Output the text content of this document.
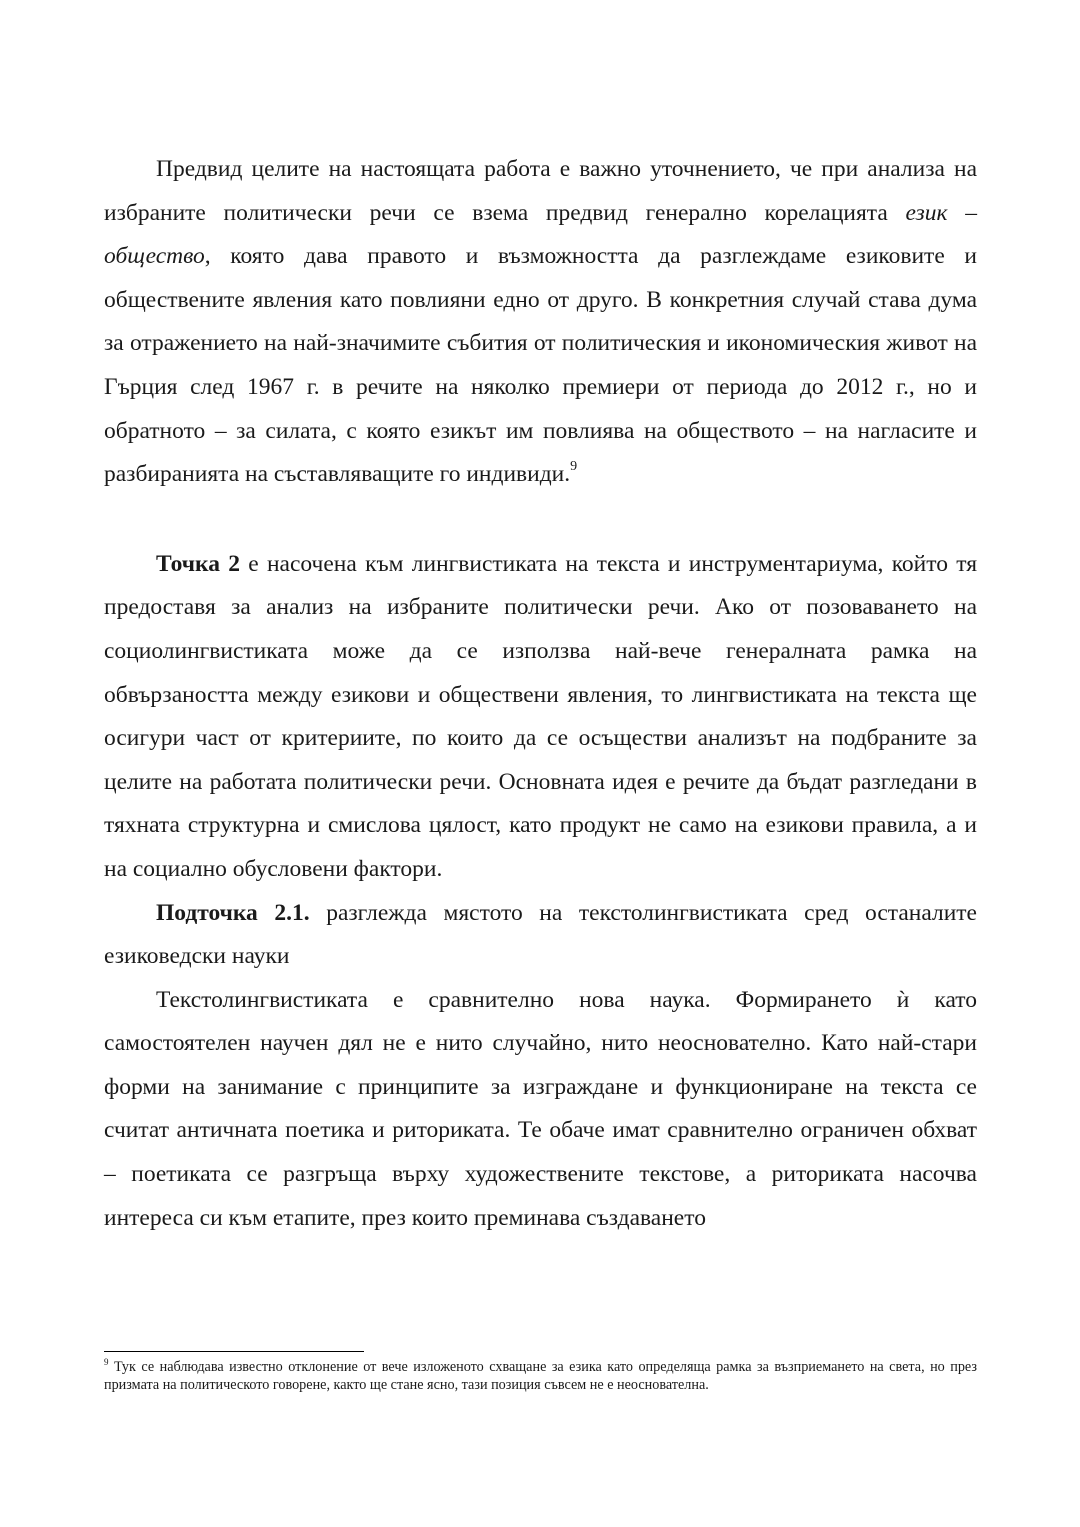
Предвид целите на настоящата работа е важно уточнението, че при анализа на избраните политически речи се взема предвид генерално корелацията език – общество, която дава правото и възможността да разглеждаме езиковите и обществените явления като повлияни едно от друго. В конкретния случай става дума за отражението на най-значимите събития от политическия и икономическия живот на Гърция след 1967 г. в речите на няколко премиери от периода до 2012 г., но и обратното – за силата, с която езикът им повлиява на обществото – на нагласите и разбиранията на съставляващите го индивиди.$^9$

Точка 2 е насочена към лингвистиката на текста и инструментариума, който тя предоставя за анализ на избраните политически речи. Ако от позоваването на социолингвистиката може да се използва най-вече генералната рамка на обвързаността между езикови и обществени явления, то лингвистиката на текста ще осигури част от критериите, по които да се осъществи анализът на подбраните за целите на работата политически речи. Основната идея е речите да бъдат разгледани в тяхната структурна и смислова цялост, като продукт не само на езикови правила, а и на социално обусловени фактори.

Подточка 2.1. разглежда мястото на текстолингвистиката сред останалите езиковедски науки

Текстолингвистиката е сравнително нова наука. Формирането ѝ като самостоятелен научен дял не е нито случайно, нито неоснователно. Като най-стари форми на занимание с принципите за изграждане и функциониране на текста се считат античната поетика и риториката. Те обаче имат сравнително ограничен обхват – поетиката се разгръща върху художествените текстове, а риториката насочва интереса си към етапите, през които преминава създаването

$^9$ Тук се наблюдава известно отклонение от вече изложеното схващане за езика като определяща рамка за възприемането на света, но през призмата на политическото говорене, както ще стане ясно, тази позиция съвсем не е неоснователна.
